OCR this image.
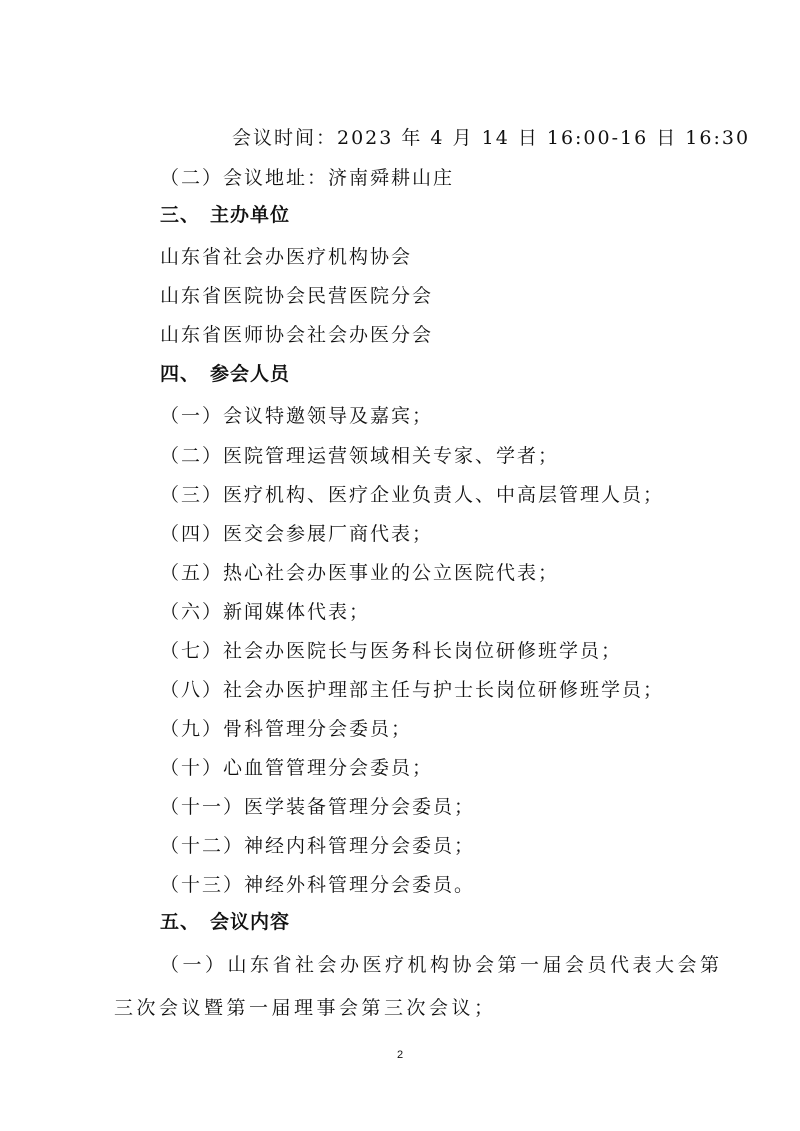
会议时间：2023 年 4 月 14 日 16:00-16 日 16:30

（二）会议地址：济南舜耕山庄

三、 主办单位

山东省社会办医疗机构协会

山东省医院协会民营医院分会

山东省医师协会社会办医分会

四、 参会人员

（一）会议特邀领导及嘉宾；

（二）医院管理运营领域相关专家、学者；

（三）医疗机构、医疗企业负责人、中高层管理人员；

（四）医交会参展厂商代表；

（五）热心社会办医事业的公立医院代表；

（六）新闻媒体代表；

（七）社会办医院长与医务科长岗位研修班学员；

（八）社会办医护理部主任与护士长岗位研修班学员；

（九）骨科管理分会委员；

（十）心血管管理分会委员；

（十一）医学装备管理分会委员；

（十二）神经内科管理分会委员；

（十三）神经外科管理分会委员。

五、 会议内容

（一）山东省社会办医疗机构协会第一届会员代表大会第

三次会议暨第一届理事会第三次会议；

2
